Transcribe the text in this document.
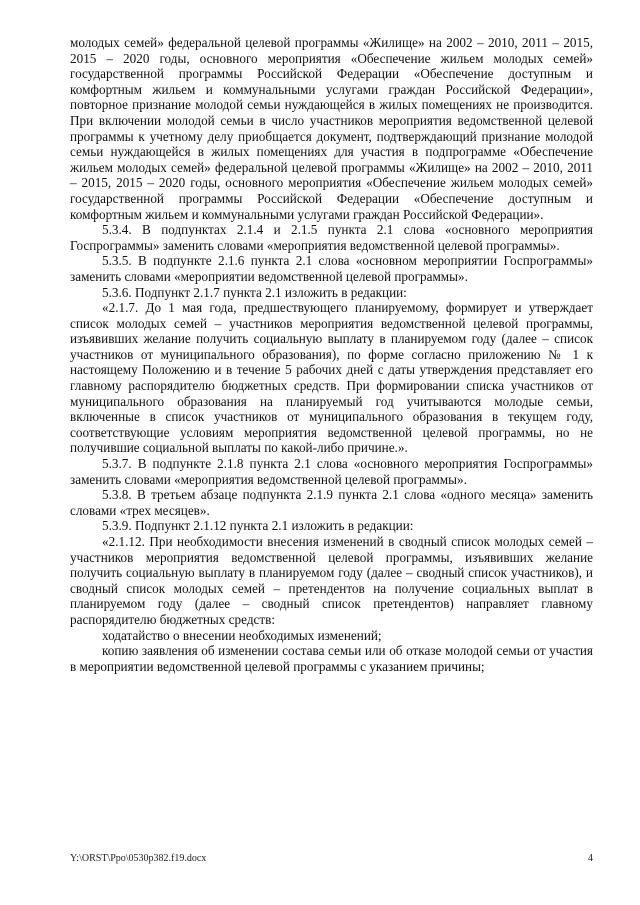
молодых семей» федеральной целевой программы «Жилище» на 2002 – 2010, 2011 – 2015, 2015 – 2020 годы, основного мероприятия «Обеспечение жильем молодых семей» государственной программы Российской Федерации «Обеспечение доступным и комфортным жильем и коммунальными услугами граждан Российской Федерации», повторное признание молодой семьи нуждающейся в жилых помещениях не производится. При включении молодой семьи в число участников мероприятия ведомственной целевой программы к учетному делу приобщается документ, подтверждающий признание молодой семьи нуждающейся в жилых помещениях для участия в подпрограмме «Обеспечение жильем молодых семей» федеральной целевой программы «Жилище» на 2002 – 2010, 2011 – 2015, 2015 – 2020 годы, основного мероприятия «Обеспечение жильем молодых семей» государственной программы Российской Федерации «Обеспечение доступным и комфортным жильем и коммунальными услугами граждан Российской Федерации».

5.3.4. В подпунктах 2.1.4 и 2.1.5 пункта 2.1 слова «основного мероприятия Госпрограммы» заменить словами «мероприятия ведомственной целевой программы».

5.3.5. В подпункте 2.1.6 пункта 2.1 слова «основном мероприятии Госпрограммы» заменить словами «мероприятии ведомственной целевой программы».

5.3.6. Подпункт 2.1.7 пункта 2.1 изложить в редакции:

«2.1.7. До 1 мая года, предшествующего планируемому, формирует и утверждает список молодых семей – участников мероприятия ведомственной целевой программы, изъявивших желание получить социальную выплату в планируемом году (далее – список участников от муниципального образования), по форме согласно приложению № 1 к настоящему Положению и в течение 5 рабочих дней с даты утверждения представляет его главному распорядителю бюджетных средств. При формировании списка участников от муниципального образования на планируемый год учитываются молодые семьи, включенные в список участников от муниципального образования в текущем году, соответствующие условиям мероприятия ведомственной целевой программы, но не получившие социальной выплаты по какой-либо причине.».

5.3.7. В подпункте 2.1.8 пункта 2.1 слова «основного мероприятия Госпрограммы» заменить словами «мероприятия ведомственной целевой программы».

5.3.8. В третьем абзаце подпункта 2.1.9 пункта 2.1 слова «одного месяца» заменить словами «трех месяцев».

5.3.9. Подпункт 2.1.12 пункта 2.1 изложить в редакции:

«2.1.12. При необходимости внесения изменений в сводный список молодых семей – участников мероприятия ведомственной целевой программы, изъявивших желание получить социальную выплату в планируемом году (далее – сводный список участников), и сводный список молодых семей – претендентов на получение социальных выплат в планируемом году (далее – сводный список претендентов) направляет главному распорядителю бюджетных средств:

ходатайство о внесении необходимых изменений;

копию заявления об изменении состава семьи или об отказе молодой семьи от участия в мероприятии ведомственной целевой программы с указанием причины;

Y:\ORST\Ppo\0530p382.f19.docx	4
